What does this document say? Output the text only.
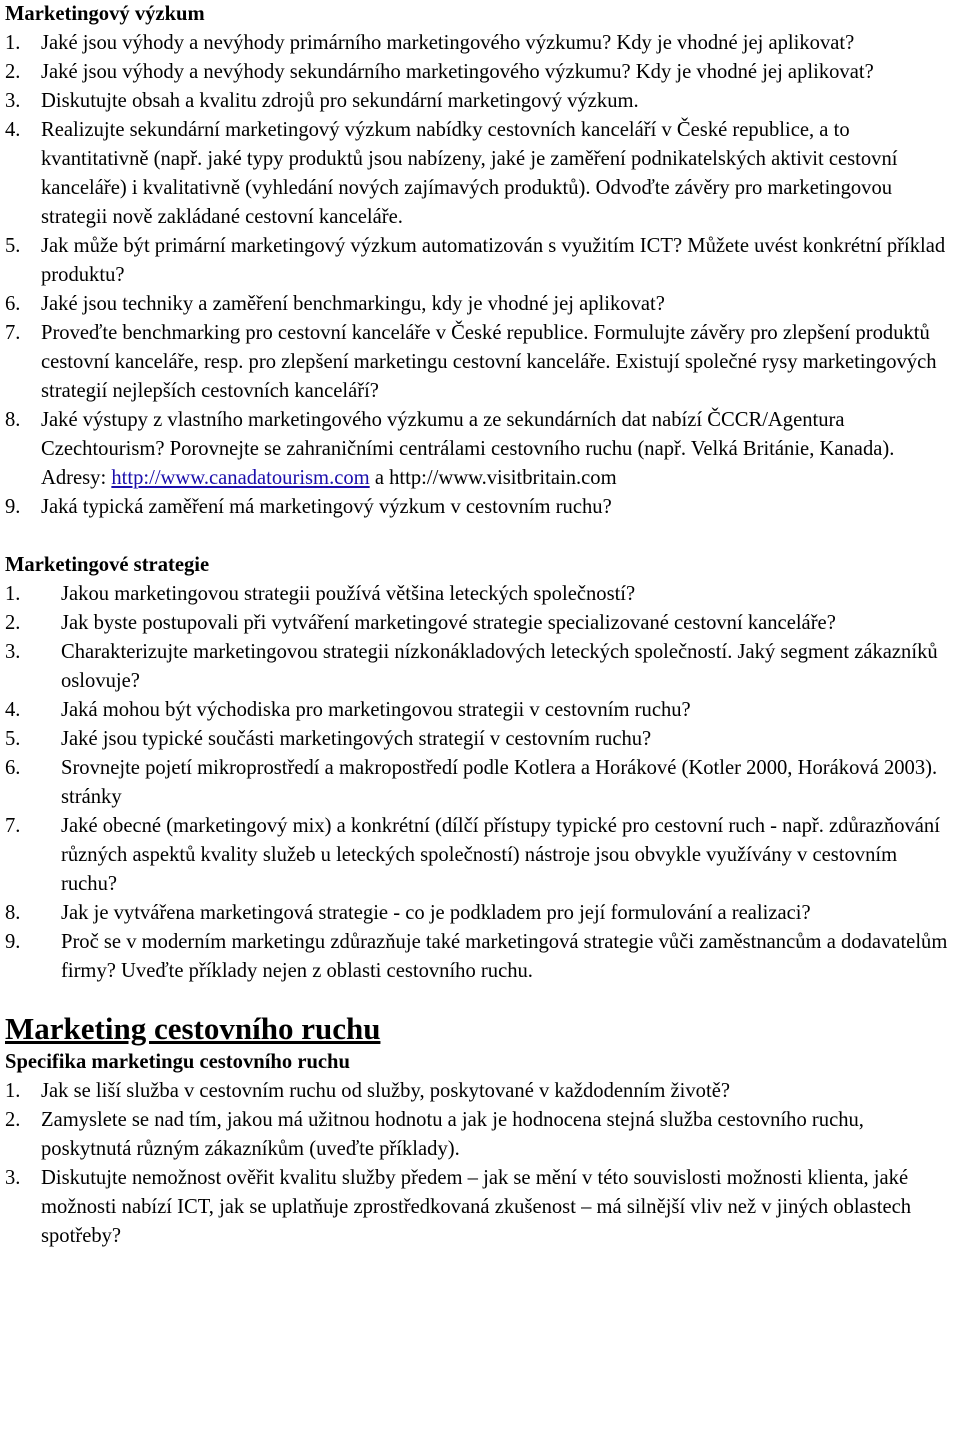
Marketingový výzkum

1. Jaké jsou výhody a nevýhody primárního marketingového výzkumu? Kdy je vhodné jej aplikovat?
2. Jaké jsou výhody a nevýhody sekundárního marketingového výzkumu? Kdy je vhodné jej aplikovat?
3. Diskutujte obsah a kvalitu zdrojů pro sekundární marketingový výzkum.
4. Realizujte sekundární marketingový výzkum nabídky cestovních kanceláří v České republice, a to kvantitativně (např. jaké typy produktů jsou nabízeny, jaké je zaměření podnikatelských aktivit cestovní kanceláře) i kvalitativně (vyhledání nových zajímavých produktů). Odvoďte závěry pro marketingovou strategii nově zakládané cestovní kanceláře.
5. Jak může být primární marketingový výzkum automatizován s využitím ICT? Můžete uvést konkrétní příklad produktu?
6. Jaké jsou techniky a zaměření benchmarkingu, kdy je vhodné jej aplikovat?
7. Proveďte benchmarking pro cestovní kanceláře v České republice. Formulujte závěry pro zlepšení produktů cestovní kanceláře, resp. pro zlepšení marketingu cestovní kanceláře. Existují společné rysy marketingových strategií nejlepších cestovních kanceláří?
8. Jaké výstupy z vlastního marketingového výzkumu a ze sekundárních dat nabízí ČCCR/Agentura Czechtourism? Porovnejte se zahraničními centrálami cestovního ruchu (např. Velká Británie, Kanada). Adresy: http://www.canadatourism.com a http://www.visitbritain.com
9. Jaká typická zaměření má marketingový výzkum v cestovním ruchu?

Marketingové strategie

1. Jakou marketingovou strategii používá většina leteckých společností?
2. Jak byste postupovali při vytváření marketingové strategie specializované cestovní kanceláře?
3. Charakterizujte marketingovou strategii nízkonákladových leteckých společností. Jaký segment zákazníků oslovuje?
4. Jaká mohou být východiska pro marketingovou strategii v cestovním ruchu?
5. Jaké jsou typické součásti marketingových strategií v cestovním ruchu?
6. Srovnejte pojetí mikroprostředí a makropostředí podle Kotlera a Horákové (Kotler 2000, Horáková 2003). stránky
7. Jaké obecné (marketingový mix) a konkrétní (dílčí přístupy typické pro cestovní ruch - např. zdůrazňování různých aspektů kvality služeb u leteckých společností) nástroje jsou obvykle využívány v cestovním ruchu?
8. Jak je vytvářena marketingová strategie - co je podkladem pro její formulování a realizaci?
9. Proč se v moderním marketingu zdůrazňuje také marketingová strategie vůči zaměstnancům a dodavatelům firmy? Uveďte příklady nejen z oblasti cestovního ruchu.

Marketing cestovního ruchu

Specifika marketingu cestovního ruchu

1. Jak se liší služba v cestovním ruchu od služby, poskytované v každodenním životě?
2. Zamyslete se nad tím, jakou má užitnou hodnotu a jak je hodnocena stejná služba cestovního ruchu, poskytnutá různým zákazníkům (uveďte příklady).
3. Diskutujte nemožnost ověřit kvalitu služby předem – jak se mění v této souvislosti možnosti klienta, jaké možnosti nabízí ICT, jak se uplatňuje zprostředkovaná zkušenost – má silnější vliv než v jiných oblastech spotřeby?
